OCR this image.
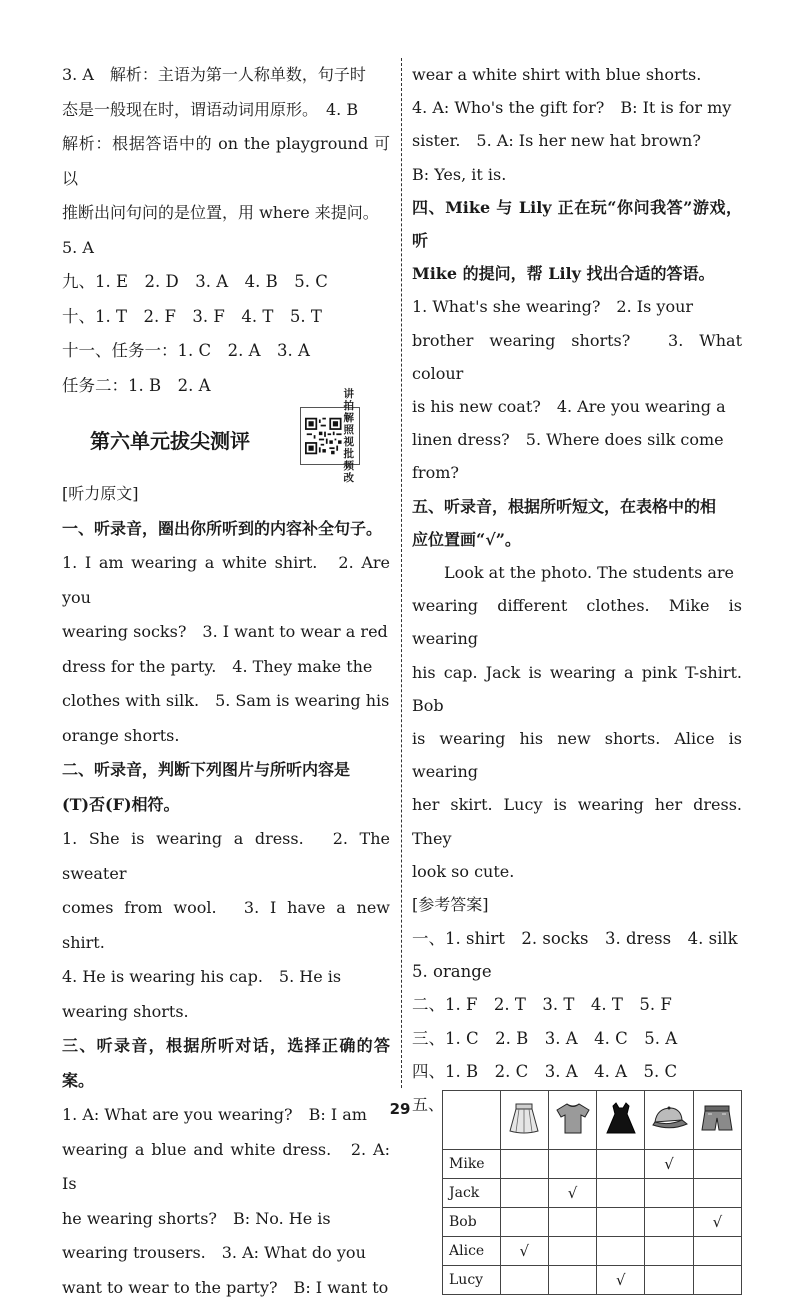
3. A　解析：主语为第一人称单数，句子时

态是一般现在时，谓语动词用原形。　4. B

解析：根据答语中的 on the playground 可以

推断出问句问的是位置，用 where 来提问。

5. A

九、1. E　2. D　3. A　4. B　5. C

十、1. T　2. F　3. F　4. T　5. T

十一、任务一：1. C　2. A　3. A

任务二：1. B　2. A

第六单元拔尖测评
讲拍解照视批频改

[听力原文]

一、听录音，圈出你所听到的内容补全句子。

1. I am wearing a white shirt.　2. Are you

wearing socks?　3. I want to wear a red

dress for the party.　4. They make the

clothes with silk.　5. Sam is wearing his

orange shorts.

二、听录音，判断下列图片与所听内容是

(T)否(F)相符。

1. She is wearing a dress.　2. The sweater

comes from wool.　3. I have a new shirt.

4. He is wearing his cap.　5. He is

wearing shorts.

三、听录音，根据所听对话，选择正确的答案。

1. A: What are you wearing?　B: I am

wearing a blue and white dress.　2. A: Is

he wearing shorts?　B: No. He is

wearing trousers.　3. A: What do you

want to wear to the party?　B: I want to

wear a white shirt with blue shorts.

4. A: Who's the gift for?　B: It is for my

sister.　5. A: Is her new hat brown?

B: Yes, it is.

四、Mike 与 Lily 正在玩“你问我答”游戏，听

Mike 的提问，帮 Lily 找出合适的答语。

1. What's she wearing?　2. Is your

brother wearing shorts?　3. What colour

is his new coat?　4. Are you wearing a

linen dress?　5. Where does silk come

from?

五、听录音，根据所听短文，在表格中的相

应位置画“√”。

Look at the photo. The students are

wearing different clothes. Mike is wearing

his cap. Jack is wearing a pink T-shirt. Bob

is wearing his new shorts. Alice is wearing

her skirt. Lucy is wearing her dress. They

look so cute.

[参考答案]

一、1. shirt　2. socks　3. dress　4. silk

5. orange

二、1. F　2. T　3. T　4. T　5. F

三、1. C　2. B　3. A　4. C　5. A

四、1. B　2. C　3. A　4. A　5. C

五、

Mike				√	
Jack		√			
Bob					√
Alice	√				
Lucy			√		
29
